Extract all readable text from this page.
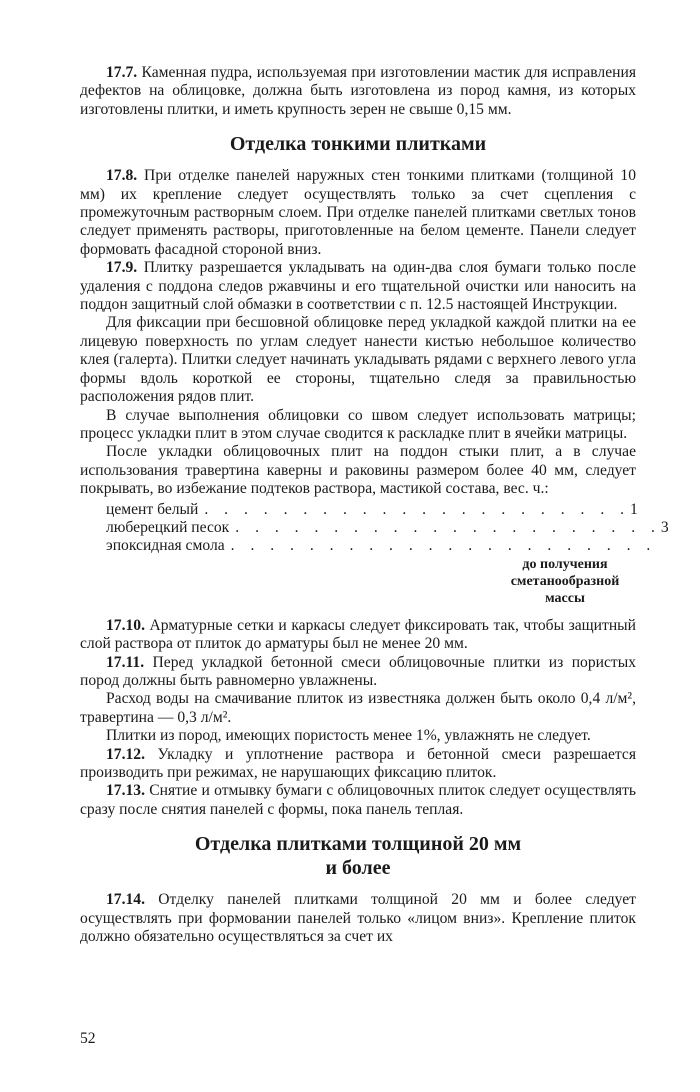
17.7. Каменная пудра, используемая при изготовлении мастик для исправления дефектов на облицовке, должна быть изготовлена из пород камня, из которых изготовлены плитки, и иметь крупность зерен не свыше 0,15 мм.

Отделка тонкими плитками

17.8. При отделке панелей наружных стен тонкими плитками (толщиной 10 мм) их крепление следует осуществлять только за счет сцепления с промежуточным растворным слоем. При отделке панелей плитками светлых тонов следует применять растворы, приготовленные на белом цементе. Панели следует формовать фасадной стороной вниз.

17.9. Плитку разрешается укладывать на один-два слоя бумаги только после удаления с поддона следов ржавчины и его тщательной очистки или наносить на поддон защитный слой обмазки в соответствии с п. 12.5 настоящей Инструкции.

Для фиксации при бесшовной облицовке перед укладкой каждой плитки на ее лицевую поверхность по углам следует нанести кистью небольшое количество клея (галерта). Плитки следует начинать укладывать рядами с верхнего левого угла формы вдоль короткой ее стороны, тщательно следя за правильностью расположения рядов плит.

В случае выполнения облицовки со швом следует использовать матрицы; процесс укладки плит в этом случае сводится к раскладке плит в ячейки матрицы.

После укладки облицовочных плит на поддон стыки плит, а в случае использования травертина каверны и раковины размером более 40 мм, следует покрывать, во избежание подтеков раствора, мастикой состава, вес. ч.:

цемент белый . . . . . . . . . . . . . . . . . . . . . . 1
люберецкий песок . . . . . . . . . . . . . . . . . . . . . . 3
эпоксидная смола . . . . . . . . . . . . . . . . . . . . . .
до получения сметанообразной массы

17.10. Арматурные сетки и каркасы следует фиксировать так, чтобы защитный слой раствора от плиток до арматуры был не менее 20 мм.

17.11. Перед укладкой бетонной смеси облицовочные плитки из пористых пород должны быть равномерно увлажнены.

Расход воды на смачивание плиток из известняка должен быть около 0,4 л/м², травертина — 0,3 л/м².

Плитки из пород, имеющих пористость менее 1%, увлажнять не следует.

17.12. Укладку и уплотнение раствора и бетонной смеси разрешается производить при режимах, не нарушающих фиксацию плиток.

17.13. Снятие и отмывку бумаги с облицовочных плиток следует осуществлять сразу после снятия панелей с формы, пока панель теплая.

Отделка плитками толщиной 20 мм
и более

17.14. Отделку панелей плитками толщиной 20 мм и более следует осуществлять при формовании панелей только «лицом вниз». Крепление плиток должно обязательно осуществляться за счет их

52
